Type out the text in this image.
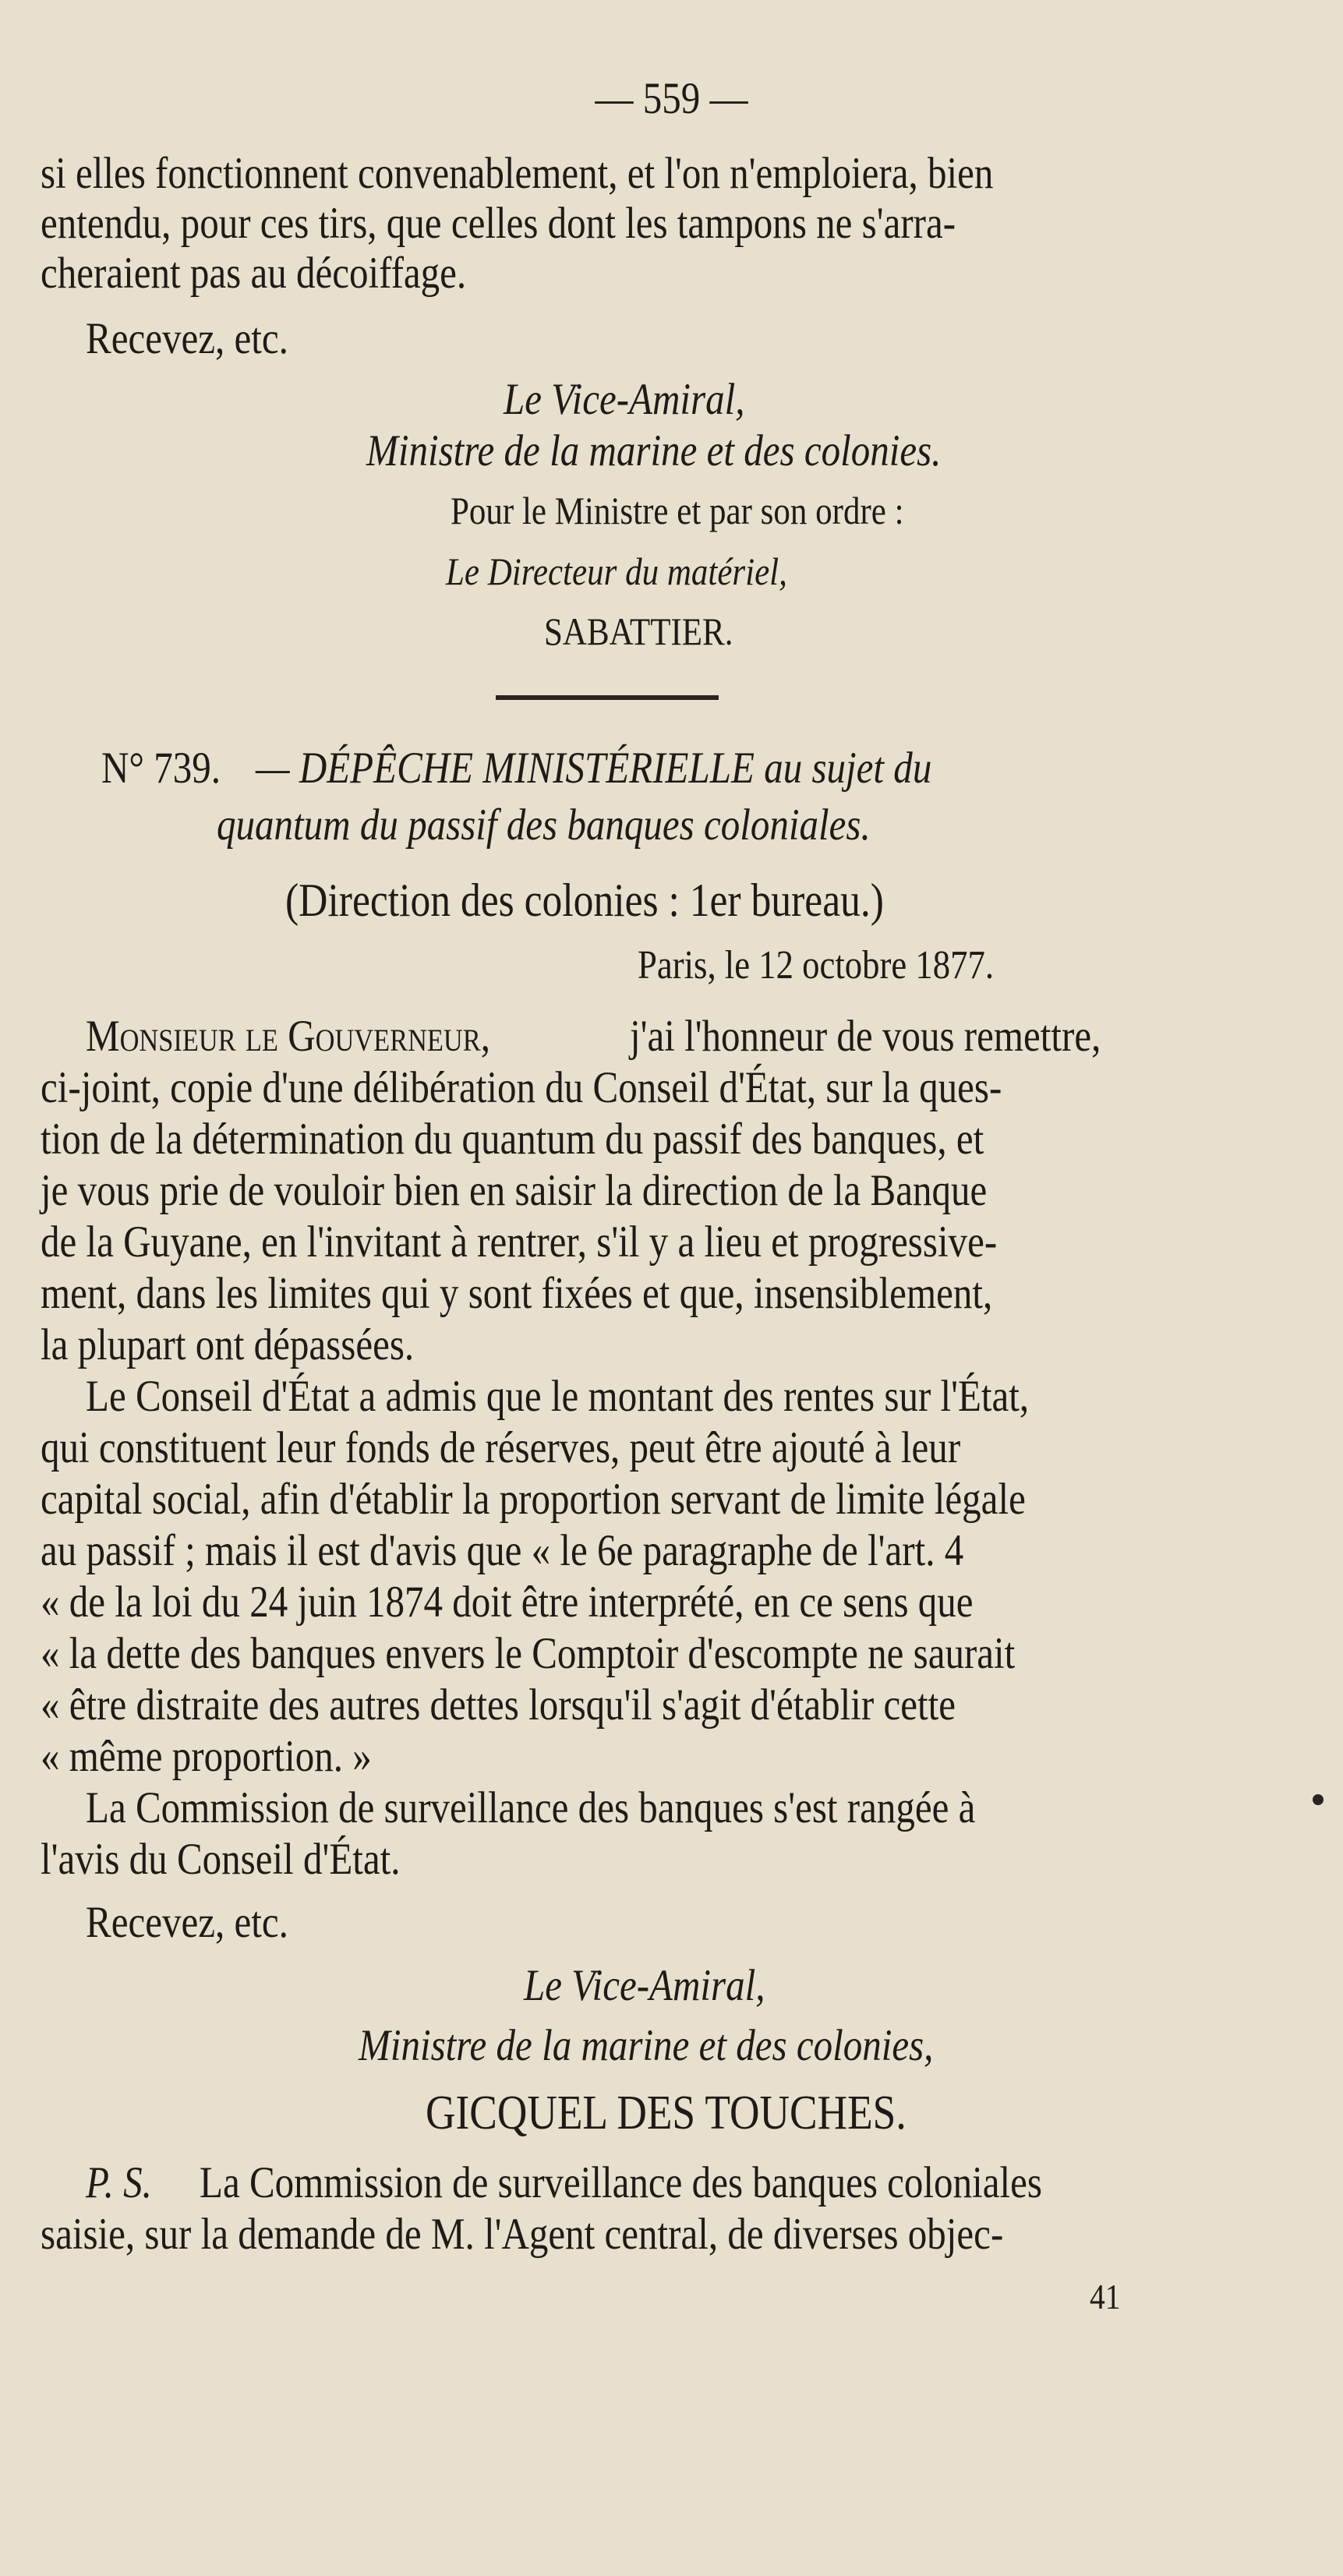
— 559 —
si elles fonctionnent convenablement, et l'on n'emploiera, bien
entendu, pour ces tirs, que celles dont les tampons ne s'arra-
cheraient pas au décoiffage.
Recevez, etc.
Le Vice-Amiral,
Ministre de la marine et des colonies.
Pour le Ministre et par son ordre :
Le Directeur du matériel,
SABATTIER.
N° 739. — DÉPÊCHE MINISTÉRIELLE au sujet du
quantum du passif des banques coloniales.
(Direction des colonies : 1er bureau.)
Paris, le 12 octobre 1877.
Monsieur le Gouverneur,	j'ai l'honneur de vous remettre,
ci-joint, copie d'une délibération du Conseil d'État, sur la ques-
tion de la détermination du quantum du passif des banques, et
je vous prie de vouloir bien en saisir la direction de la Banque
de la Guyane, en l'invitant à rentrer, s'il y a lieu et progressive-
ment, dans les limites qui y sont fixées et que, insensiblement,
la plupart ont dépassées.
Le Conseil d'État a admis que le montant des rentes sur l'État,
qui constituent leur fonds de réserves, peut être ajouté à leur
capital social, afin d'établir la proportion servant de limite légale
au passif ; mais il est d'avis que « le 6e paragraphe de l'art. 4
« de la loi du 24 juin 1874 doit être interprété, en ce sens que
« la dette des banques envers le Comptoir d'escompte ne saurait
« être distraite des autres dettes lorsqu'il s'agit d'établir cette
« même proportion. »
La Commission de surveillance des banques s'est rangée à
l'avis du Conseil d'État.
Recevez, etc.
Le Vice-Amiral,
Ministre de la marine et des colonies,
GICQUEL DES TOUCHES.
P. S. La Commission de surveillance des banques coloniales
saisie, sur la demande de M. l'Agent central, de diverses objec-
41
